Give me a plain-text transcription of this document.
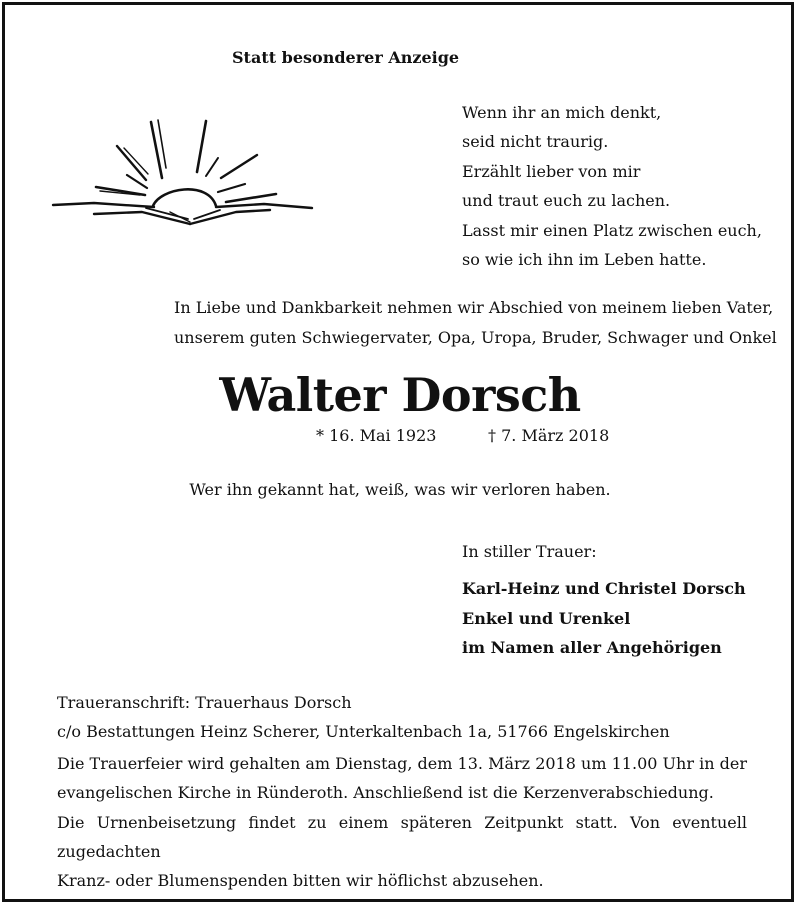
Statt besonderer Anzeige
Wenn ihr an mich denkt,
seid nicht traurig.
Erzählt lieber von mir
und traut euch zu lachen.
Lasst mir einen Platz zwischen euch,
so wie ich ihn im Leben hatte.
In Liebe und Dankbarkeit nehmen wir Abschied von meinem lieben Vater,
unserem guten Schwiegervater, Opa, Uropa, Bruder, Schwager und Onkel
Walter Dorsch
* 16. Mai 1923	† 7. März 2018
Wer ihn gekannt hat, weiß, was wir verloren haben.
In stiller Trauer:
Karl-Heinz und Christel Dorsch
Enkel und Urenkel
im Namen aller Angehörigen
Traueranschrift: Trauerhaus Dorsch
c/o Bestattungen Heinz Scherer, Unterkaltenbach 1a, 51766 Engelskirchen
Die Trauerfeier wird gehalten am Dienstag, dem 13. März 2018 um 11.00 Uhr in der
evangelischen Kirche in Ründeroth. Anschließend ist die Kerzenverabschiedung.
Die Urnenbeisetzung findet zu einem späteren Zeitpunkt statt. Von eventuell zugedachten
Kranz- oder Blumenspenden bitten wir höflichst abzusehen.
